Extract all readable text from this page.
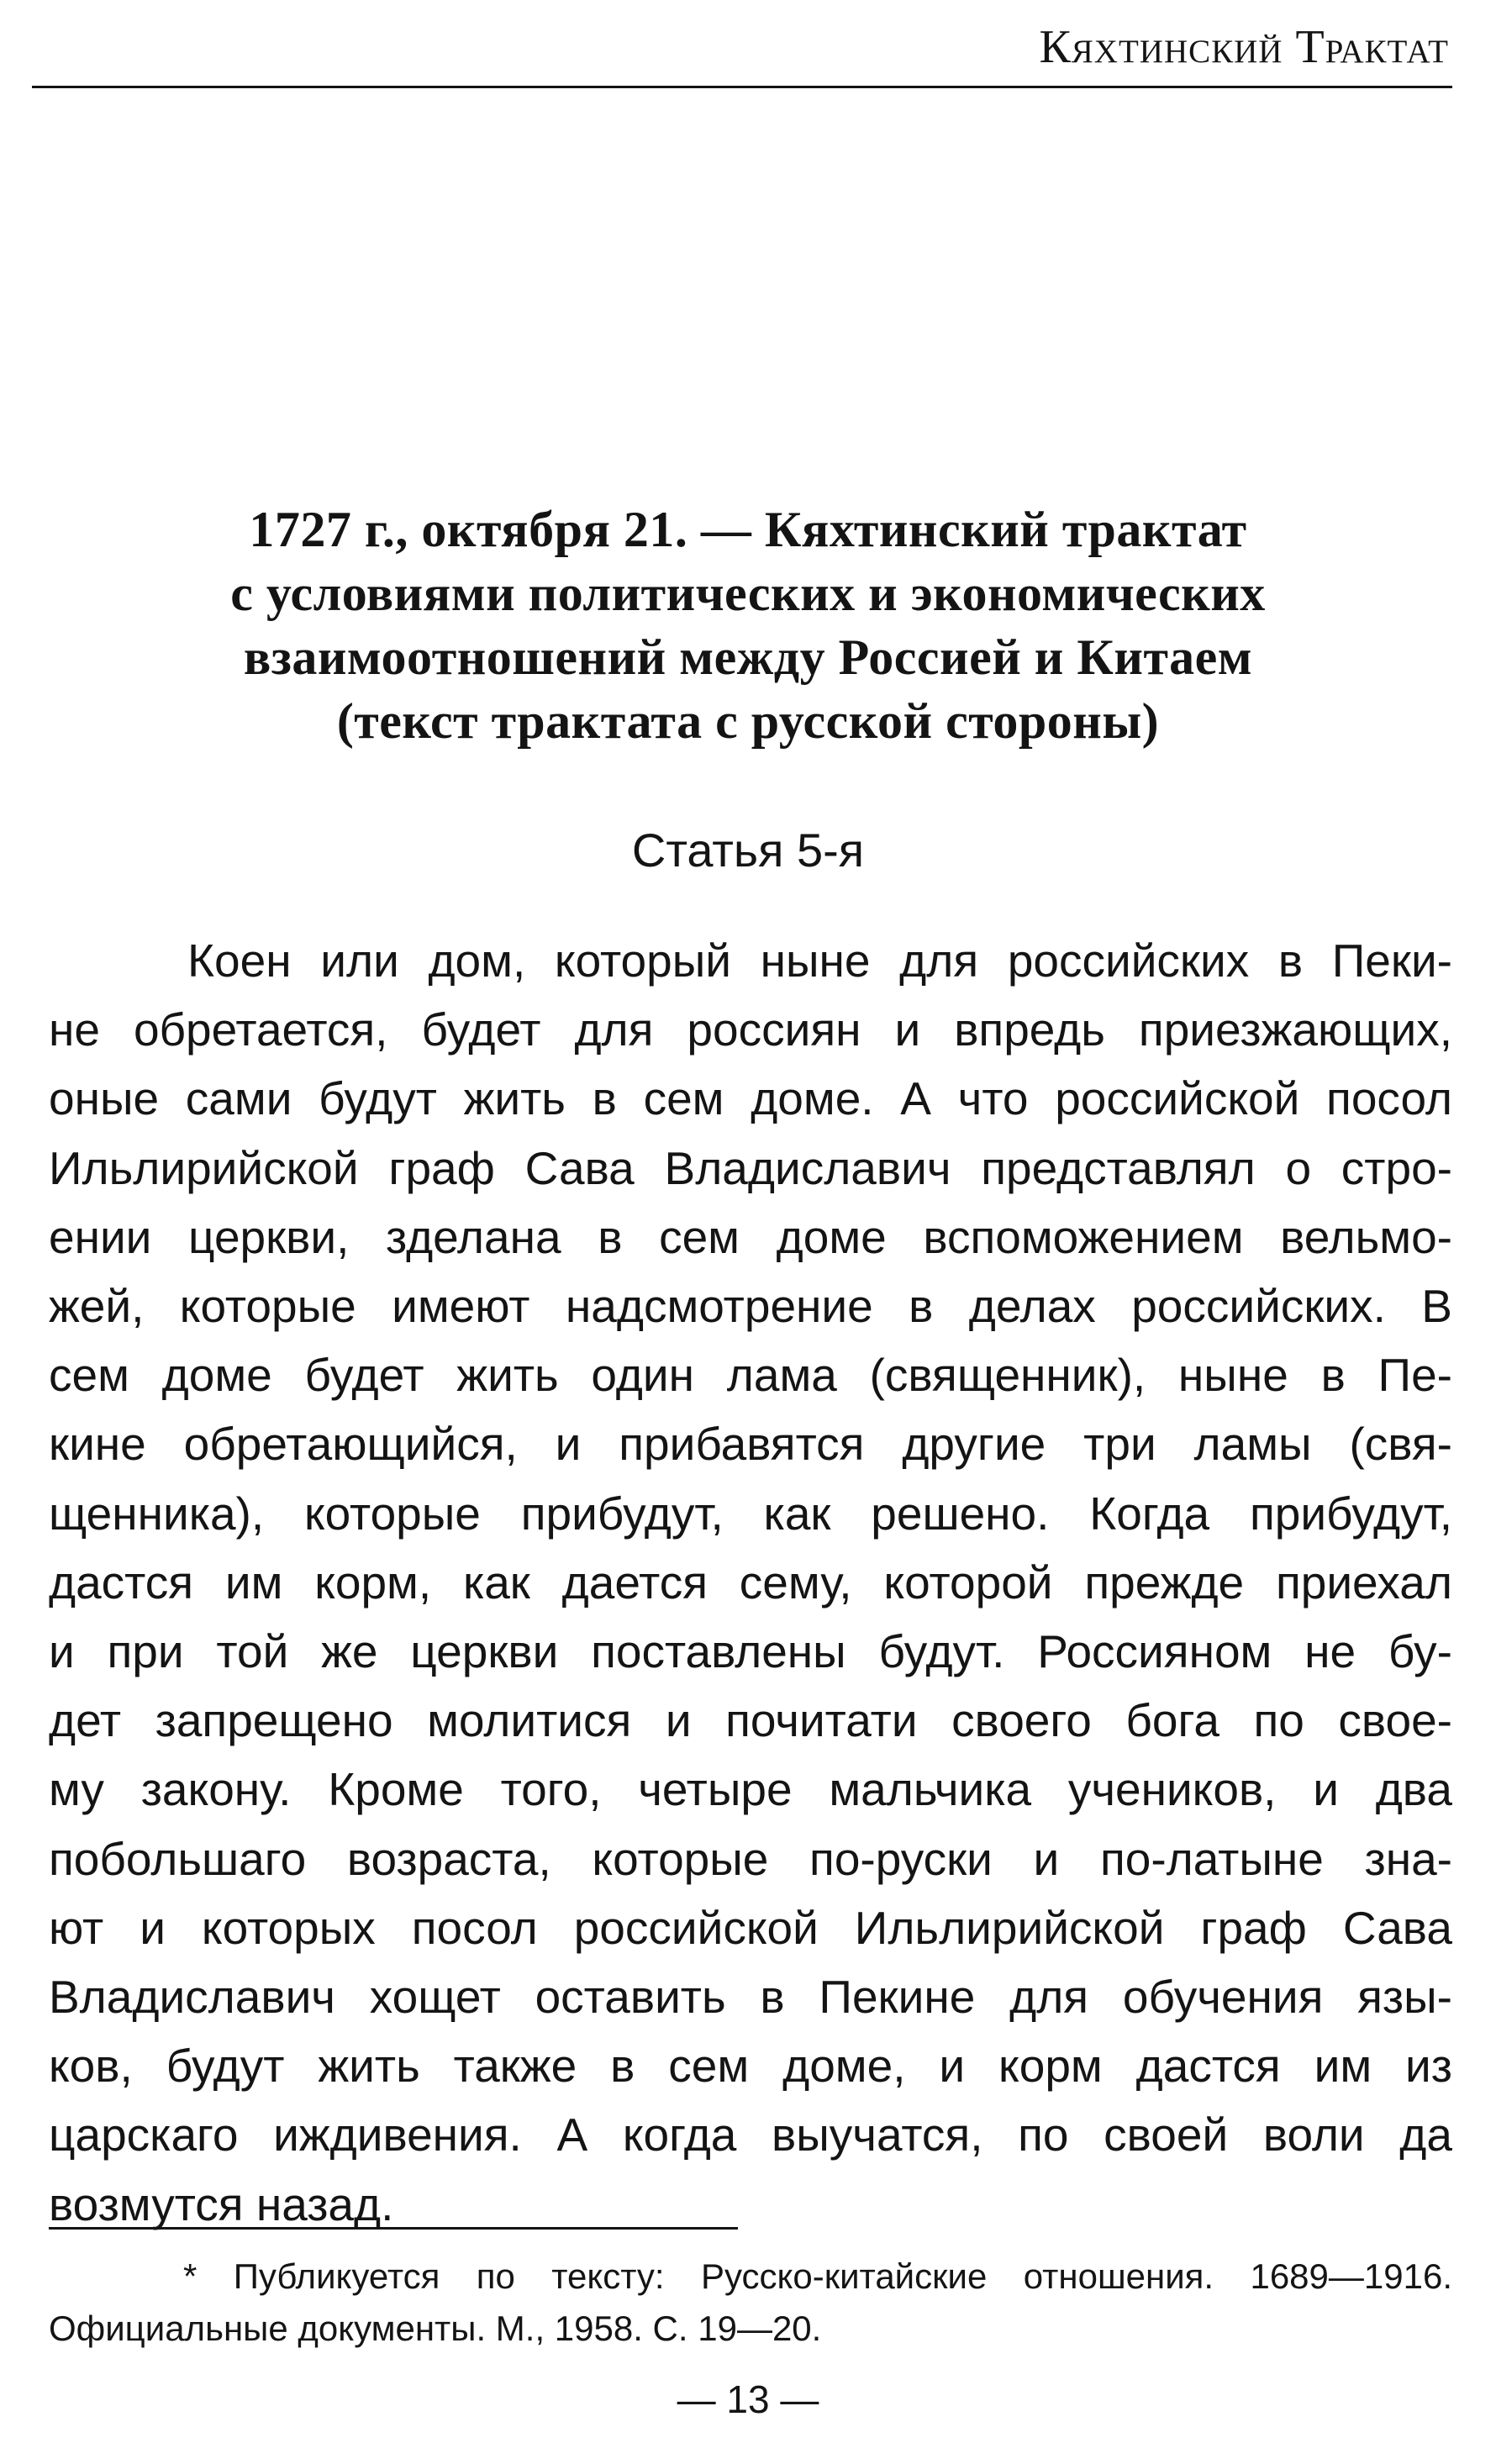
Кяхтинский Трактат
1727 г., октября 21. — Кяхтинский трактат
с условиями политических и экономических
взаимоотношений между Россией и Китаем
(текст трактата с русской стороны)
Статья 5-я
Коен или дом, который ныне для российских в Пеки-
не обретается, будет для россиян и впредь приезжающих,
оные сами будут жить в сем доме. А что российской посол
Ильлирийской граф Сава Владиславич представлял о стро-
ении церкви, зделана в сем доме вспоможением вельмо-
жей, которые имеют надсмотрение в делах российских. В
сем доме будет жить один лама (священник), ныне в Пе-
кине обретающийся, и прибавятся другие три ламы (свя-
щенника), которые прибудут, как решено. Когда прибудут,
дастся им корм, как дается сему, которой прежде приехал
и при той же церкви поставлены будут. Россияном не бу-
дет запрещено молитися и почитати своего бога по свое-
му закону. Кроме того, четыре мальчика учеников, и два
побольшаго возраста, которые по-руски и по-латыне зна-
ют и которых посол российской Ильлирийской граф Сава
Владиславич хощет оставить в Пекине для обучения язы-
ков, будут жить также в сем доме, и корм дастся им из
царскаго иждивения. А когда выучатся, по своей воли да
возмутся назад.
* Публикуется по тексту: Русско-китайские отношения. 1689—1916.
Официальные документы. М., 1958. С. 19—20.
— 13 —
